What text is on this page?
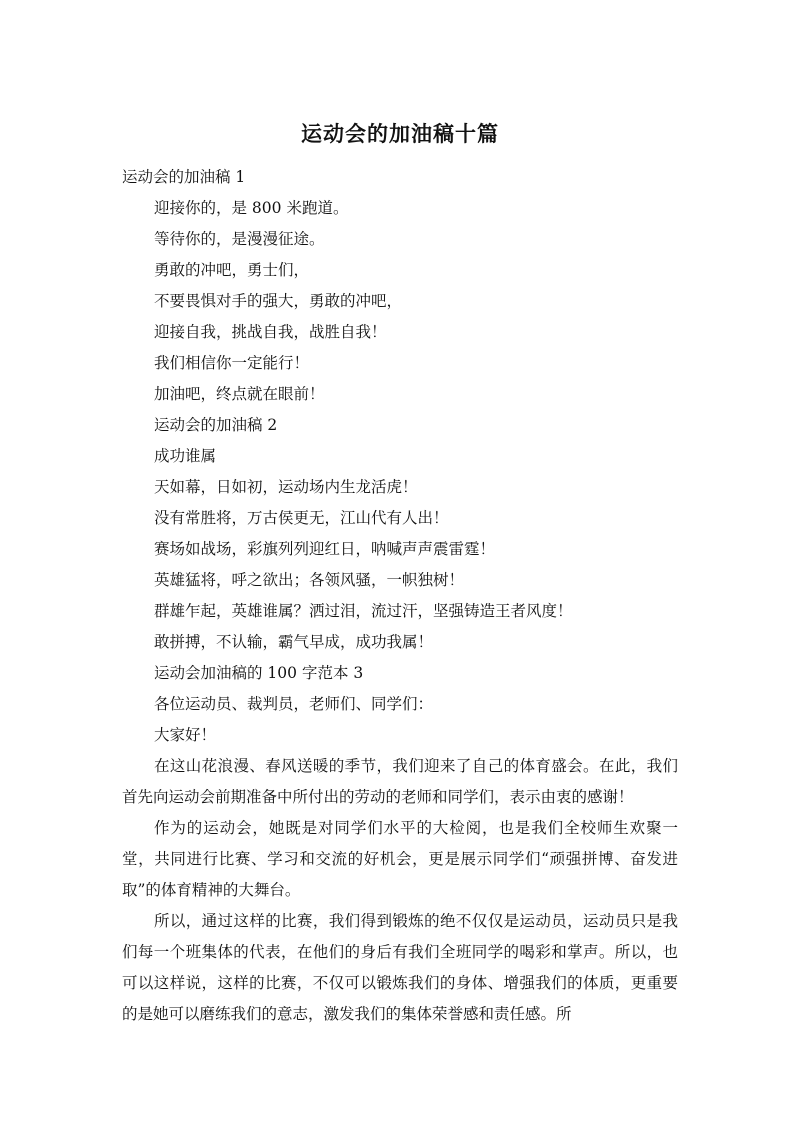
运动会的加油稿十篇
运动会的加油稿 1
迎接你的，是 800 米跑道。
等待你的，是漫漫征途。
勇敢的冲吧，勇士们，
不要畏惧对手的强大，勇敢的冲吧，
迎接自我，挑战自我，战胜自我！
我们相信你一定能行！
加油吧，终点就在眼前！
运动会的加油稿 2
成功谁属
天如幕，日如初，运动场内生龙活虎！
没有常胜将，万古侯更无，江山代有人出！
赛场如战场，彩旗列列迎红日，呐喊声声震雷霆！
英雄猛将，呼之欲出；各领风骚，一帜独树！
群雄乍起，英雄谁属？洒过泪，流过汗，坚强铸造王者风度！
敢拼搏，不认输，霸气早成，成功我属！
运动会加油稿的 100 字范本 3
各位运动员、裁判员，老师们、同学们：
大家好！

在这山花浪漫、春风送暖的季节，我们迎来了自己的体育盛会。在此，我们首先向运动会前期准备中所付出的劳动的老师和同学们，表示由衷的感谢！

作为的运动会，她既是对同学们水平的大检阅，也是我们全校师生欢聚一堂，共同进行比赛、学习和交流的好机会，更是展示同学们“顽强拼博、奋发进取”的体育精神的大舞台。

所以，通过这样的比赛，我们得到锻炼的绝不仅仅是运动员，运动员只是我们每一个班集体的代表，在他们的身后有我们全班同学的喝彩和掌声。所以，也可以这样说，这样的比赛，不仅可以锻炼我们的身体、增强我们的体质，更重要的是她可以磨练我们的意志，激发我们的集体荣誉感和责任感。所
